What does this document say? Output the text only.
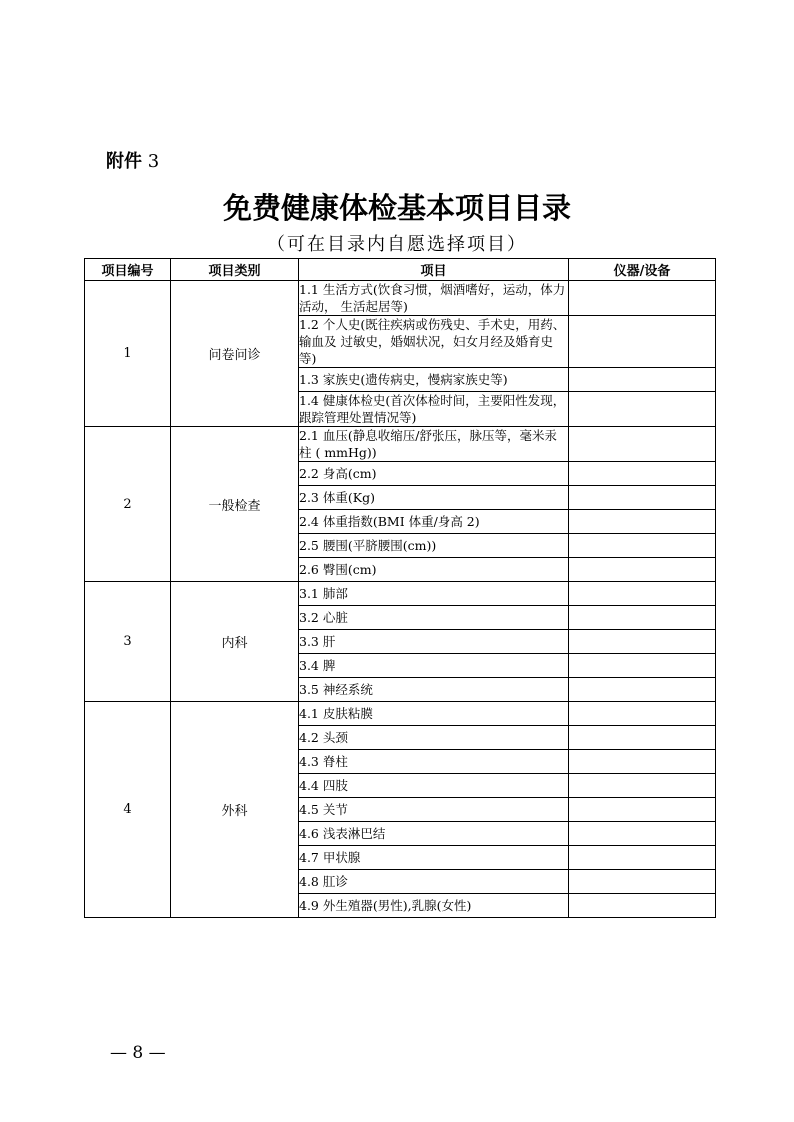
附件 3
免费健康体检基本项目目录
（可在目录内自愿选择项目）
项目编号	项目类别	项目	仪器/设备
1	问卷问诊	1.1 生活方式(饮食习惯，烟酒嗜好，运动，体力活动， 生活起居等)	
		1.2 个人史(既往疾病或伤残史、手术史，用药、输血及 过敏史，婚姻状况，妇女月经及婚育史等)	
		1.3 家族史(遗传病史，慢病家族史等)	
		1.4 健康体检史(首次体检时间，主要阳性发现，跟踪管理处置情况等)	
2	一般检查	2.1 血压(静息收缩压/舒张压，脉压等，毫米汞柱 ( mmHg))	
		2.2 身高(cm)	
		2.3 体重(Kg)	
		2.4 体重指数(BMI 体重/身高 2)	
		2.5 腰围(平脐腰围(cm))	
		2.6 臀围(cm)	
3	内科	3.1 肺部	
		3.2 心脏	
		3.3 肝	
		3.4 脾	
		3.5 神经系统	
4	外科	4.1 皮肤粘膜	
		4.2 头颈	
		4.3 脊柱	
		4.4 四肢	
		4.5 关节	
		4.6 浅表淋巴结	
		4.7 甲状腺	
		4.8 肛诊	
		4.9 外生殖器(男性),乳腺(女性)	
— 8 —
